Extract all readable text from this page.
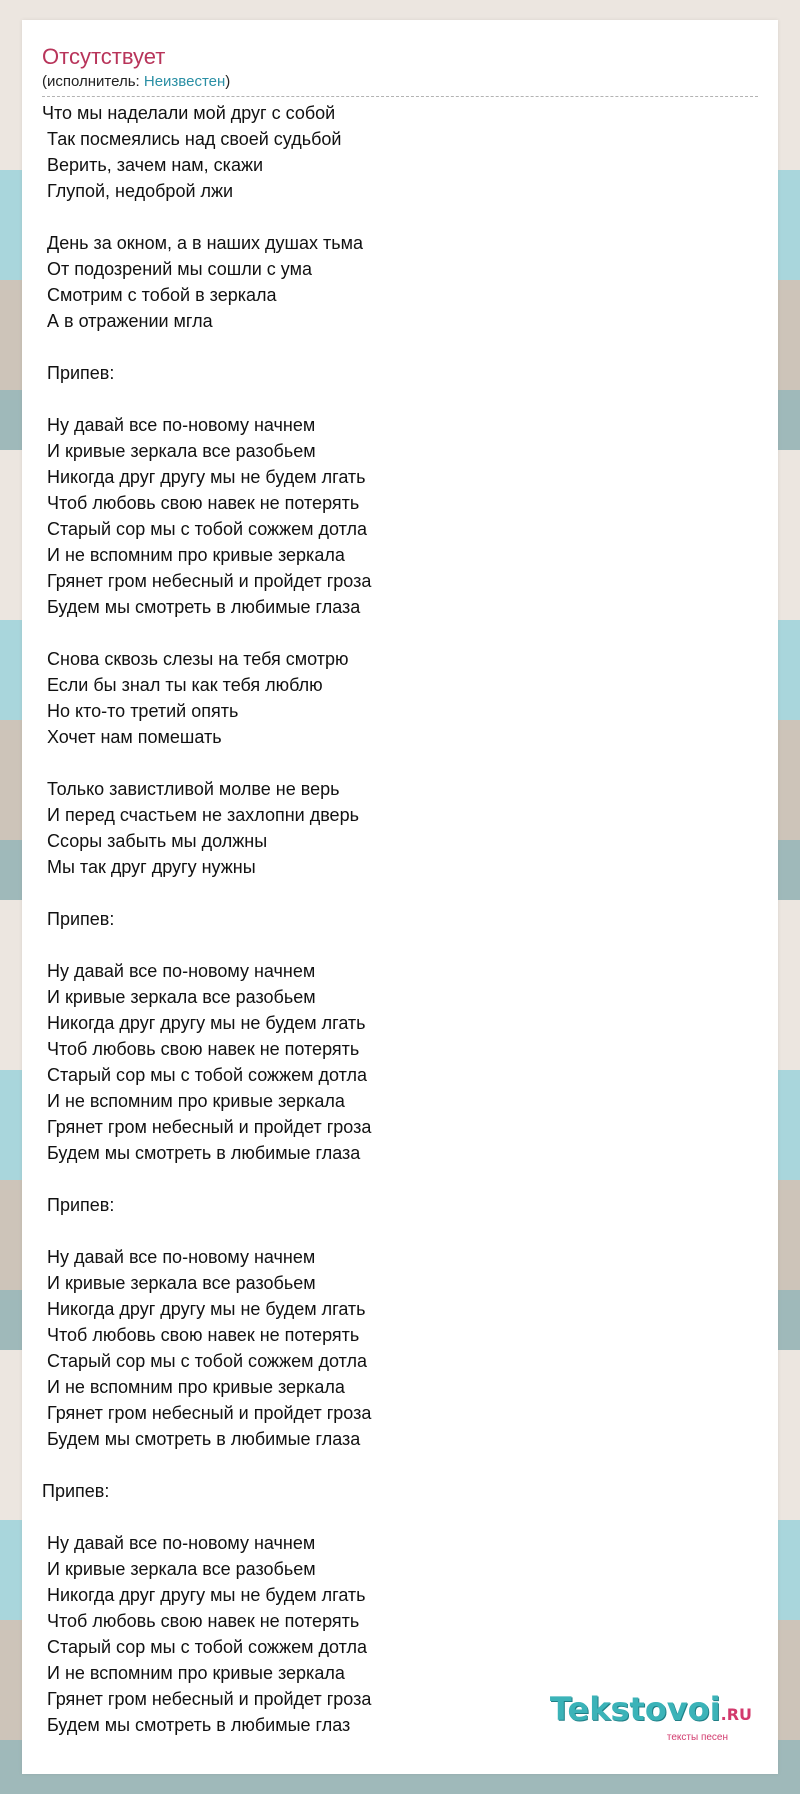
Отсутствует
(исполнитель: Неизвестен)
Что мы наделали мой друг с собой
Так посмеялись над своей судьбой
Верить, зачем нам, скажи
Глупой, недоброй лжи
День за окном, а в наших душах тьма
От подозрений мы сошли с ума
Смотрим с тобой в зеркала
А в отражении мгла
Припев:
Ну давай все по-новому начнем
И кривые зеркала все разобьем
Никогда друг другу мы не будем лгать
Чтоб любовь свою навек не потерять
Старый сор мы с тобой сожжем дотла
И не вспомним про кривые зеркала
Грянет гром небесный и пройдет гроза
Будем мы смотреть в любимые глаза
Снова сквозь слезы на тебя смотрю
Если бы знал ты как тебя люблю
Но кто-то третий опять
Хочет нам помешать
Только завистливой молве не верь
И перед счастьем не захлопни дверь
Ссоры забыть мы должны
Мы так друг другу нужны
Припев:
Ну давай все по-новому начнем
И кривые зеркала все разобьем
Никогда друг другу мы не будем лгать
Чтоб любовь свою навек не потерять
Старый сор мы с тобой сожжем дотла
И не вспомним про кривые зеркала
Грянет гром небесный и пройдет гроза
Будем мы смотреть в любимые глаза
Припев:
Ну давай все по-новому начнем
И кривые зеркала все разобьем
Никогда друг другу мы не будем лгать
Чтоб любовь свою навек не потерять
Старый сор мы с тобой сожжем дотла
И не вспомним про кривые зеркала
Грянет гром небесный и пройдет гроза
Будем мы смотреть в любимые глаза
Припев:
Ну давай все по-новому начнем
И кривые зеркала все разобьем
Никогда друг другу мы не будем лгать
Чтоб любовь свою навек не потерять
Старый сор мы с тобой сожжем дотла
И не вспомним про кривые зеркала
Грянет гром небесный и пройдет гроза
Будем мы смотреть в любимые глаз	Tekstovoi.RU
тексты песен
